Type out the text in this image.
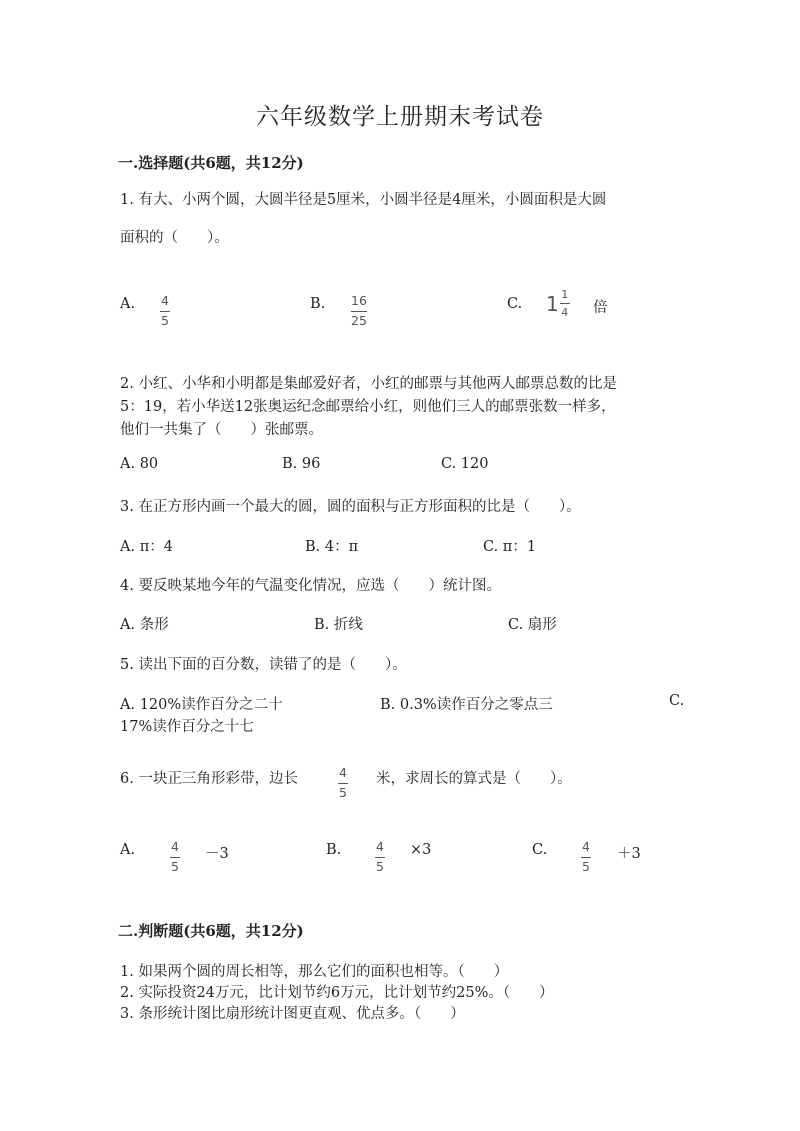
六年级数学上册期末考试卷
一.选择题(共6题，共12分)
1. 有大、小两个圆，大圆半径是5厘米，小圆半径是4厘米，小圆面积是大圆
面积的（　　）。
A. $\frac{4}{5}$	B. $\frac{16}{25}$	C. $1 \frac{1}{4}$ 倍
2. 小红、小华和小明都是集邮爱好者，小红的邮票与其他两人邮票总数的比是
5：19，若小华送12张奥运纪念邮票给小红，则他们三人的邮票张数一样多，
他们一共集了（　　）张邮票。
A. 80	B. 96	C. 120
3. 在正方形内画一个最大的圆，圆的面积与正方形面积的比是（　　）。
A. π：4	B. 4：π	C. π：1
4. 要反映某地今年的气温变化情况，应选（　　）统计图。
A. 条形	B. 折线	C. 扇形
5. 读出下面的百分数，读错了的是（　　）。
A. 120%读作百分之二十	B. 0.3%读作百分之零点三	C.
17%读作百分之十七
6. 一块正三角形彩带，边长	$\frac{4}{5}$ 米，求周长的算式是（　　）。
A.	$\frac{4}{5} -3$	B.	$\frac{4}{5} \times 3$	C.	$\frac{4}{5} +3$
二.判断题(共6题，共12分)
1. 如果两个圆的周长相等，那么它们的面积也相等。（　　）
2. 实际投资24万元，比计划节约6万元，比计划节约25%。（　　）
3. 条形统计图比扇形统计图更直观、优点多。（　　）
